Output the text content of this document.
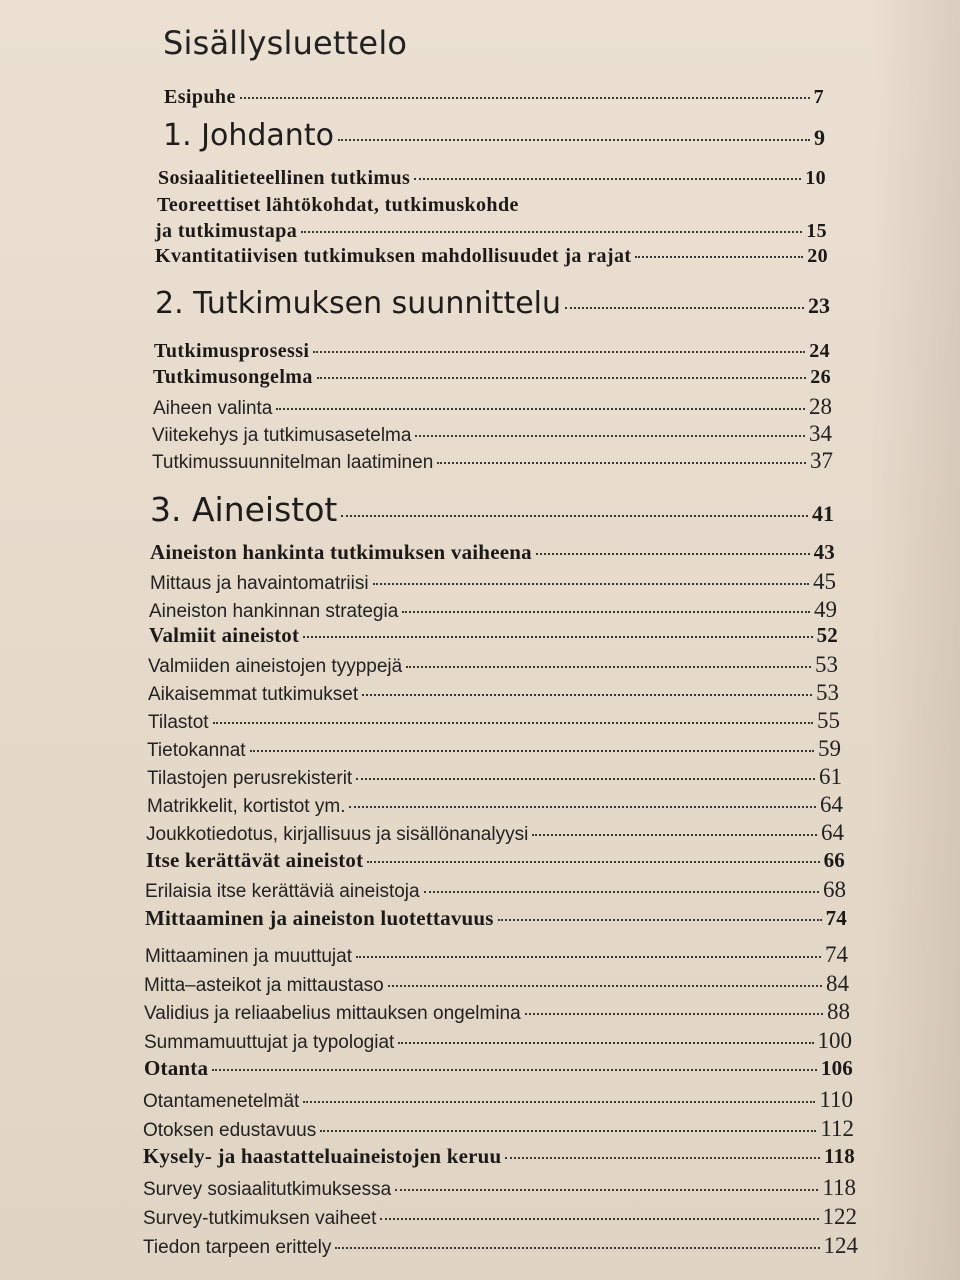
Sisällysluettelo
Esipuhe	7
1. Johdanto	9
Sosiaalitieteellinen tutkimus	10
Teoreettiset lähtökohdat, tutkimuskohde
ja tutkimustapa	15
Kvantitatiivisen tutkimuksen mahdollisuudet ja rajat	20
2. Tutkimuksen suunnittelu	23
Tutkimusprosessi	24
Tutkimusongelma	26
Aiheen valinta	28
Viitekehys ja tutkimusasetelma	34
Tutkimussuunnitelman laatiminen	37
3. Aineistot	41
Aineiston hankinta tutkimuksen vaiheena	43
Mittaus ja havaintomatriisi	45
Aineiston hankinnan strategia	49
Valmiit aineistot	52
Valmiiden aineistojen tyyppejä	53
Aikaisemmat tutkimukset	53
Tilastot	55
Tietokannat	59
Tilastojen perusrekisterit	61
Matrikkelit, kortistot ym.	64
Joukkotiedotus, kirjallisuus ja sisällönanalyysi	64
Itse kerättävät aineistot	66
Erilaisia itse kerättäviä aineistoja	68
Mittaaminen ja aineiston luotettavuus	74
Mittaaminen ja muuttujat	74
Mitta–asteikot ja mittaustaso	84
Validius ja reliaabelius mittauksen ongelmina	88
Summamuuttujat ja typologiat	100
Otanta	106
Otantamenetelmät	110
Otoksen edustavuus	112
Kysely- ja haastatteluaineistojen keruu	118
Survey sosiaalitutkimuksessa	118
Survey-tutkimuksen vaiheet	122
Tiedon tarpeen erittely	124
